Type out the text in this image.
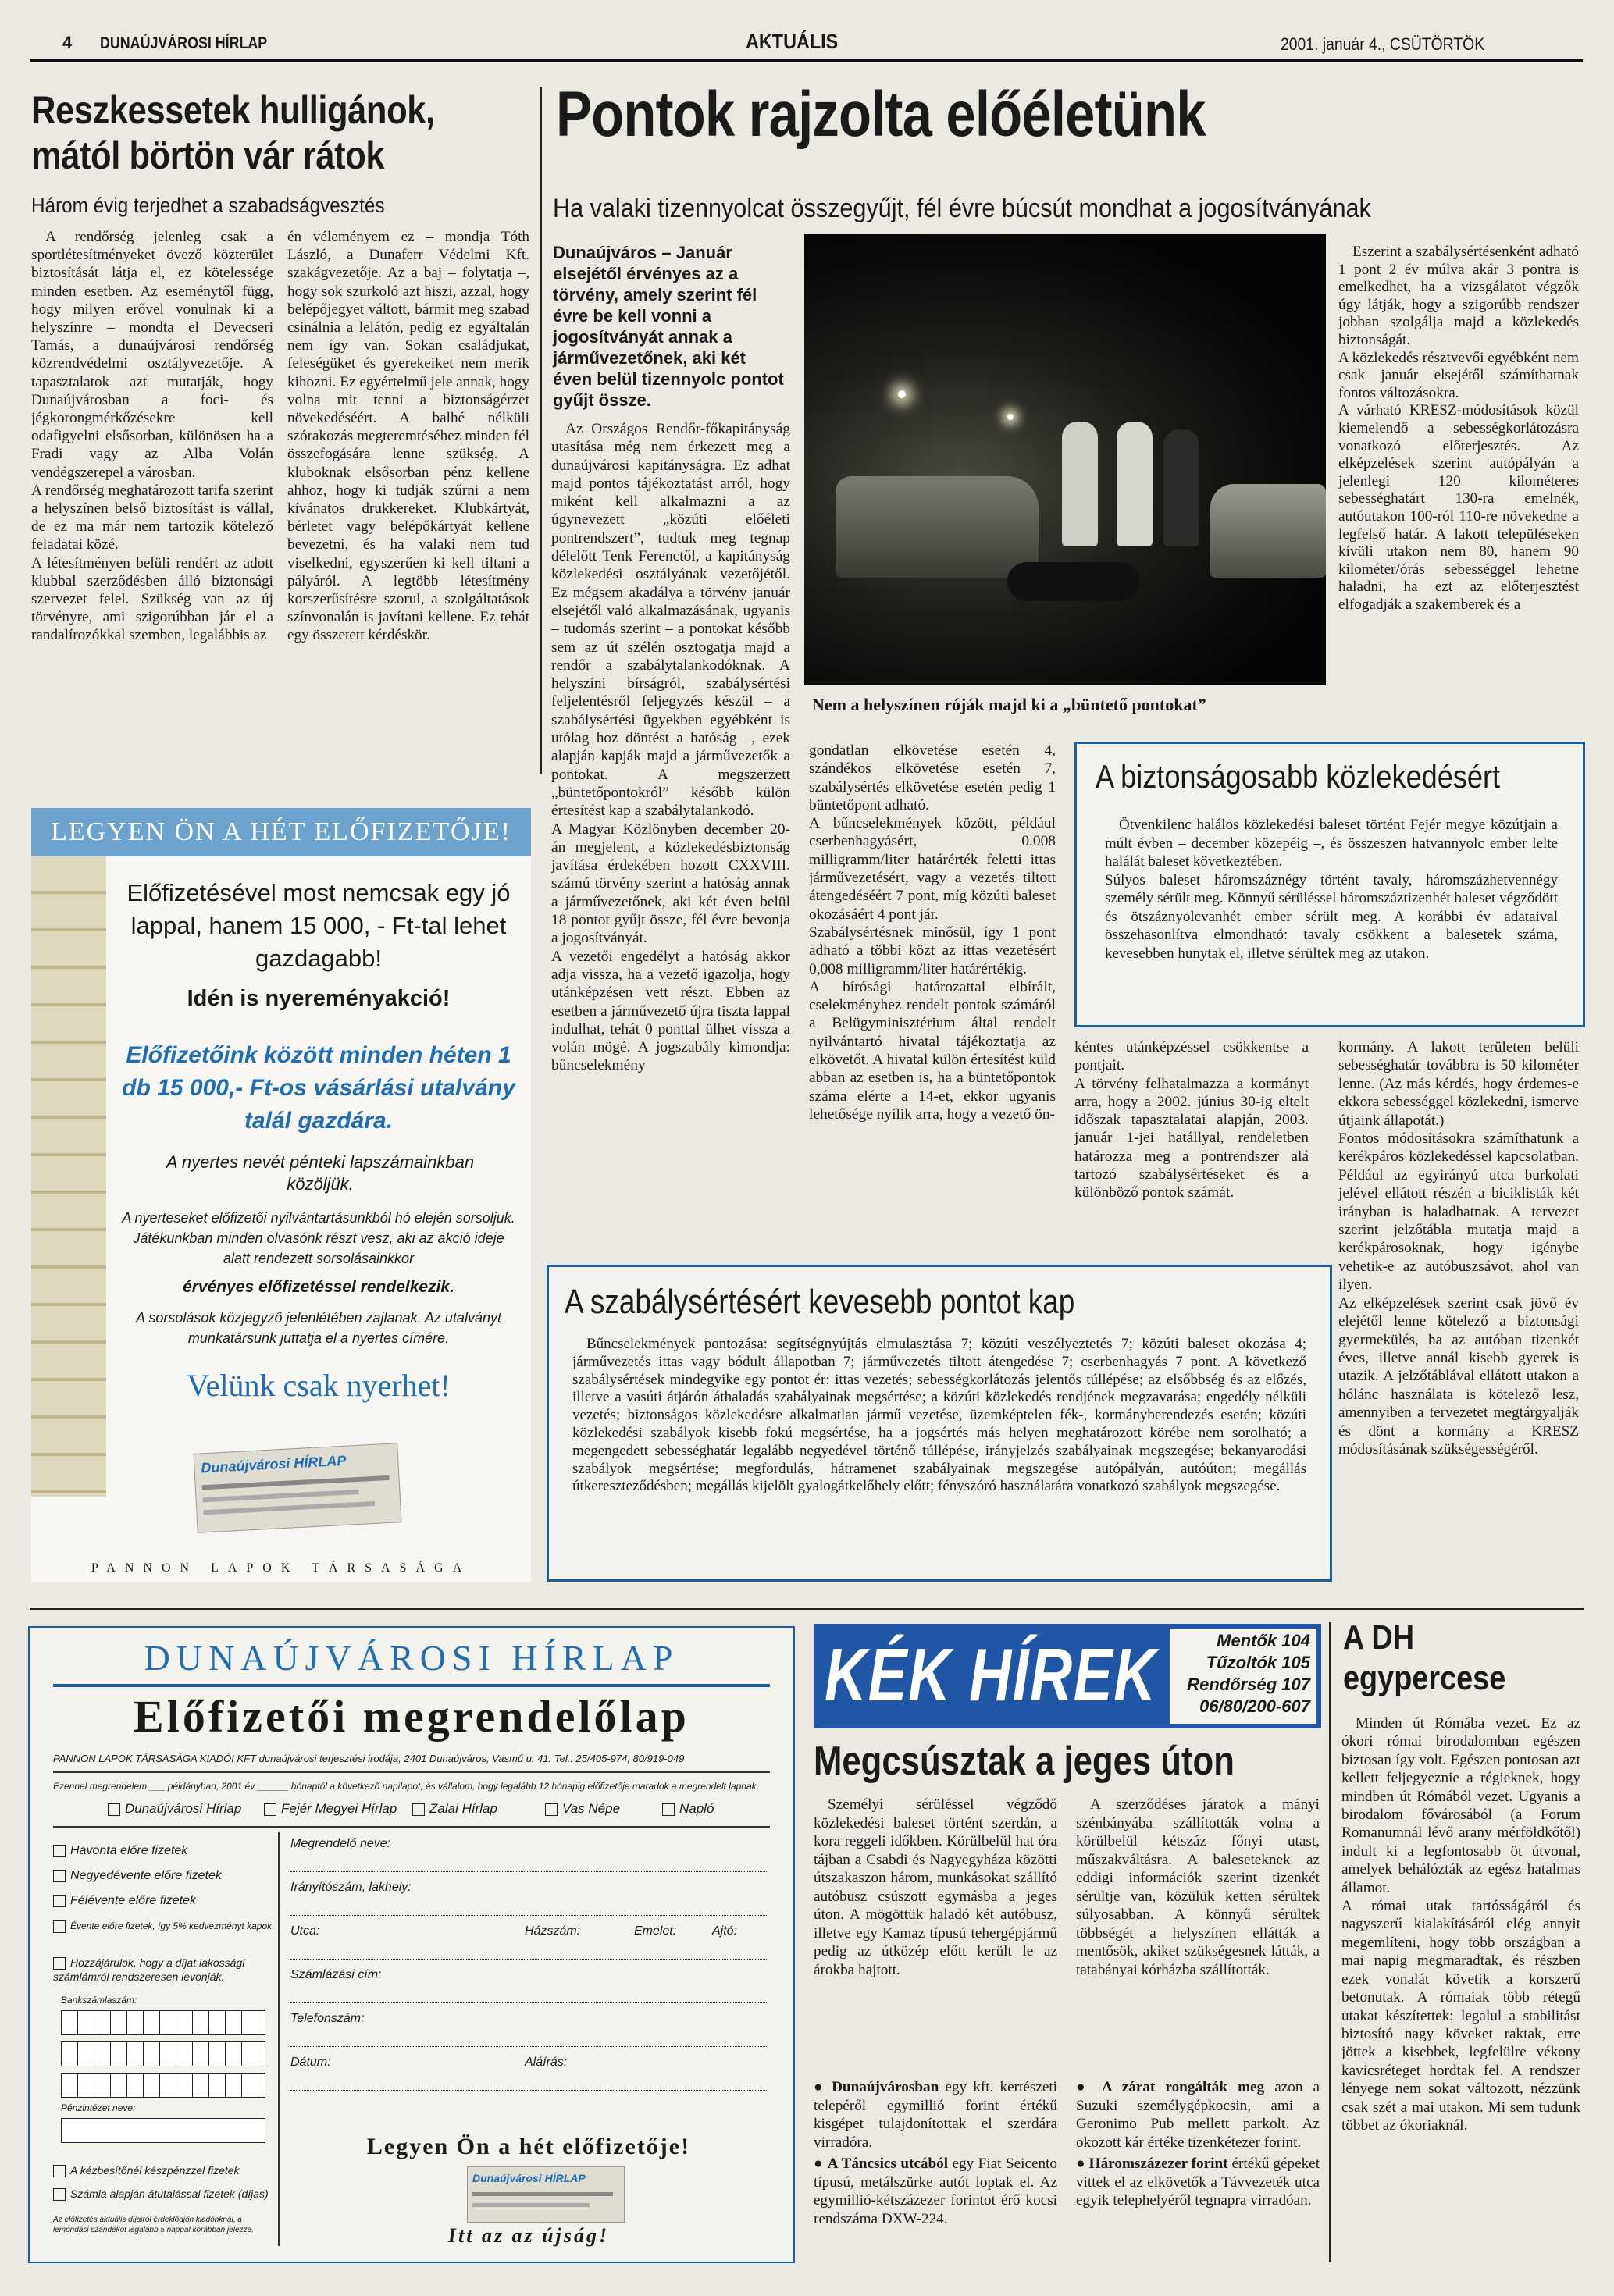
4 DUNAÚJVÁROSI HÍRLAP	AKTUÁLIS	2001. január 4., CSÜTÖRTÖK
Reszkessetek hulligánok,
mától börtön vár rátok
Három évig terjedhet a szabadságvesztés

A rendőrség jelenleg csak a sportlétesítményeket övező közterület biztosítását látja el, ez kötelessége minden esetben. Az eseménytől függ, hogy milyen erővel vonulnak ki a helyszínre – mondta el Devecseri Tamás, a dunaújvárosi rendőrség közrendvédelmi osztályvezetője. A tapasztalatok azt mutatják, hogy Dunaújvárosban a foci- és jégkorongmérkőzésekre kell odafigyelni elsősorban, különösen ha a Fradi vagy az Alba Volán vendégszerepel a városban.
A rendőrség meghatározott tarifa szerint a helyszínen belső biztosítást is vállal, de ez ma már nem tartozik kötelező feladatai közé.
A létesítményen belüli rendért az adott klubbal szerződésben álló biztonsági szervezet felel. Szükség van az új törvényre, ami szigorúbban jár el a randalírozókkal szemben, legalábbis az

én véleményem ez – mondja Tóth László, a Dunaferr Védelmi Kft. szakágvezetője. Az a baj – folytatja –, hogy sok szurkoló azt hiszi, azzal, hogy belépőjegyet váltott, bármit meg szabad csinálnia a lelátón, pedig ez egyáltalán nem így van. Sokan családjukat, feleségüket és gyerekeiket nem merik kihozni. Ez egyértelmű jele annak, hogy volna mit tenni a biztonságérzet növekedéséért. A balhé nélküli szórakozás megteremtéséhez minden fél összefogására lenne szükség. A kluboknak elsősorban pénz kellene ahhoz, hogy ki tudják szűrni a nem kívánatos drukkereket. Klubkártyát, bérletet vagy belépőkártyát kellene bevezetni, és ha valaki nem tud viselkedni, egyszerűen ki kell tiltani a pályáról. A legtöbb létesítmény korszerűsítésre szorul, a szolgáltatások színvonalán is javítani kellene. Ez tehát egy összetett kérdéskör.

LEGYEN ÖN A HÉT ELŐFIZETŐJE!
Előfizetésével most nemcsak egy jó lappal, hanem 15 000, - Ft-tal lehet gazdagabb!
Idén is nyereményakció!
Előfizetőink között minden héten 1 db 15 000,- Ft-os vásárlási utalvány talál gazdára.
A nyertes nevét pénteki lapszámainkban közöljük.
A nyerteseket előfizetői nyilvántartásunkból hó elején sorsoljuk. Játékunkban minden olvasónk részt vesz, aki az akció ideje alatt rendezett sorsolásainkkor
érvényes előfizetéssel rendelkezik.
A sorsolások közjegyző jelenlétében zajlanak. Az utalványt munkatársunk juttatja el a nyertes címére.
Velünk csak nyerhet!
Dunaújvárosi HÍRLAP
PANNON LAPOK TÁRSASÁGA
Pontok rajzolta előéletünk
Ha valaki tizennyolcat összegyűjt, fél évre búcsút mondhat a jogosítványának
Dunaújváros – Január elsejétől érvényes az a törvény, amely szerint fél évre be kell vonni a jogosítványát annak a járművezetőnek, aki két éven belül tizennyolc pontot gyűjt össze.
Nem a helyszínen róják majd ki a „büntető pontokat”

Az Országos Rendőr-főkapitányság utasítása még nem érkezett meg a dunaújvárosi kapitányságra. Ez adhat majd pontos tájékoztatást arról, hogy miként kell alkalmazni a az úgynevezett „közúti előéleti pontrendszert”, tudtuk meg tegnap délelőtt Tenk Ferenctől, a kapitányság közlekedési osztályának vezetőjétől. Ez mégsem akadálya a törvény január elsejétől való alkalmazásának, ugyanis – tudomás szerint – a pontokat később sem az út szélén osztogatja majd a rendőr a szabálytalankodóknak. A helyszíni bírságról, szabálysértési feljelentésről feljegyzés készül – a szabálysértési ügyekben egyébként is utólag hoz döntést a hatóság –, ezek alapján kapják majd a járművezetők a pontokat. A megszerzett „büntetőpontokról” később külön értesítést kap a szabálytalankodó.
A Magyar Közlönyben december 20-án megjelent, a közlekedésbiztonság javítása érdekében hozott CXXVIII. számú törvény szerint a hatóság annak a járművezetőnek, aki két éven belül 18 pontot gyűjt össze, fél évre bevonja a jogosítványát.
A vezetői engedélyt a hatóság akkor adja vissza, ha a vezető igazolja, hogy utánképzésen vett részt. Ebben az esetben a járművezető újra tiszta lappal indulhat, tehát 0 ponttal ülhet vissza a volán mögé. A jogszabály kimondja: bűncselekmény

gondatlan elkövetése esetén 4, szándékos elkövetése esetén 7, szabálysértés elkövetése esetén pedig 1 büntetőpont adható.
A bűncselekmények között, például cserbenhagyásért, 0.008 milligramm/liter határérték feletti ittas járművezetésért, vagy a vezetés tiltott átengedéséért 7 pont, míg közúti baleset okozásáért 4 pont jár.
Szabálysértésnek minősül, így 1 pont adható a többi közt az ittas vezetésért 0,008 milligramm/liter határértékig.
A bírósági határozattal elbírált, cselekményhez rendelt pontok számáról a Belügyminisztérium által rendelt nyilvántartó hivatal tájékoztatja az elkövetőt. A hivatal külön értesítést küld abban az esetben is, ha a büntetőpontok száma elérte a 14-et, ekkor ugyanis lehetősége nyílik arra, hogy a vezető ön-

kéntes utánképzéssel csökkentse a pontjait.
A törvény felhatalmazza a kormányt arra, hogy a 2002. június 30-ig eltelt időszak tapasztalatai alapján, 2003. január 1-jei hatállyal, rendeletben határozza meg a pontrendszer alá tartozó szabálysértéseket és a különböző pontok számát.

Eszerint a szabálysértésenként adható 1 pont 2 év múlva akár 3 pontra is emelkedhet, ha a vizsgálatot végzők úgy látják, hogy a szigorúbb rendszer jobban szolgálja majd a közlekedés biztonságát.
A közlekedés résztvevői egyébként nem csak január elsejétől számíthatnak fontos változásokra.
A várható KRESZ-módosítások közül kiemelendő a sebességkorlátozásra vonatkozó előterjesztés. Az elképzelések szerint autópályán a jelenlegi 120 kilométeres sebességhatárt 130-ra emelnék, autóutakon 100-ról 110-re növekedne a legfelső határ. A lakott településeken kívüli utakon nem 80, hanem 90 kilométer/órás sebességgel lehetne haladni, ha ezt az előterjesztést elfogadják a szakemberek és a

kormány. A lakott területen belüli sebességhatár továbbra is 50 kilométer lenne. (Az más kérdés, hogy érdemes-e ekkora sebességgel közlekedni, ismerve útjaink állapotát.)
Fontos módosításokra számíthatunk a kerékpáros közlekedéssel kapcsolatban. Például az egyirányú utca burkolati jelével ellátott részén a biciklisták két irányban is haladhatnak. A tervezet szerint jelzőtábla mutatja majd a kerékpárosoknak, hogy igénybe vehetik-e az autóbuszsávot, ahol van ilyen.
Az elképzelések szerint csak jövő év elejétől lenne kötelező a biztonsági gyermekülés, ha az autóban tizenkét éves, illetve annál kisebb gyerek is utazik. A jelzőtáblával ellátott utakon a hólánc használata is kötelező lesz, amennyiben a tervezetet megtárgyalják és dönt a kormány a KRESZ módosításának szükségességéről.

A biztonságosabb közlekedésért

Ötvenkilenc halálos közlekedési baleset történt Fejér megye közútjain a múlt évben – december közepéig –, és összeszen hatvannyolc ember lelte halálát baleset következtében.
Súlyos baleset háromszáznégy történt tavaly, háromszázhetvennégy személy sérült meg. Könnyű sérüléssel háromszáztizenhét baleset végződött és ötszáznyolcvanhét ember sérült meg. A korábbi év adataival összehasonlítva elmondható: tavaly csökkent a balesetek száma, kevesebben hunytak el, illetve sérültek meg az utakon.

A szabálysértésért kevesebb pontot kap

Bűncselekmények pontozása: segítségnyújtás elmulasztása 7; közúti veszélyeztetés 7; közúti baleset okozása 4; járművezetés ittas vagy bódult állapotban 7; járművezetés tiltott átengedése 7; cserbenhagyás 7 pont. A következő szabálysértések mindegyike egy pontot ér: ittas vezetés; sebességkorlátozás jelentős túllépése; az elsőbbség és az előzés, illetve a vasúti átjárón áthaladás szabályainak megsértése; a közúti közlekedés rendjének megzavarása; engedély nélküli vezetés; biztonságos közlekedésre alkalmatlan jármű vezetése, üzemképtelen fék-, kormányberendezés esetén; közúti közlekedési szabályok kisebb fokú megsértése, ha a jogsértés más helyen meghatározott körébe nem sorolható; a megengedett sebességhatár legalább negyedével történő túllépése, irányjelzés szabályainak megszegése; bekanyarodási szabályok megsértése; megfordulás, hátramenet szabályainak megszegése autópályán, autóúton; megállás útkereszteződésben; megállás kijelölt gyalogátkelőhely előtt; fényszóró használatára vonatkozó szabályok megszegése.

DUNAÚJVÁROSI HÍRLAP
Előfizetői megrendelőlap
PANNON LAPOK TÁRSASÁGA KIADÓI KFT dunaújvárosi terjesztési irodája, 2401 Dunaújváros, Vasmű u. 41. Tel.: 25/405-974, 80/919-049
Ezennel megrendelem ___ példányban, 2001 év ______ hónaptól a következő napilapot, és vállalom, hogy legalább 12 hónapig előfizetője maradok a megrendelt lapnak.
Dunaújvárosi Hírlap	Fejér Megyei Hírlap	Zalai Hírlap	Vas Népe	Napló
Havonta előre fizetek
Negyedévente előre fizetek
Félévente előre fizetek
Évente előre fizetek, így 5% kedvezményt kapok
Hozzájárulok, hogy a díjat lakossági számlámról rendszeresen levonják.
Bankszámlaszám:
Pénzintézet neve:
A kézbesítőnél készpénzzel fizetek
Számla alapján átutalással fizetek (díjas)
Az előfizetés aktuális díjairól érdeklődjön kiadónknál, a lemondási szándékot legalább 5 nappal korábban jelezze.
Megrendelő neve:
Irányítószám, lakhely:
Utca:	Házszám:	Emelet:	Ajtó:
Számlázási cím:
Telefonszám:
Dátum:	Aláírás:
Legyen Ön a hét előfizetője!
Dunaújvárosi HÍRLAP
Itt az az újság!
KÉK HÍREK	Mentők 104
Tűzoltók 105
Rendőrség 107
06/80/200-607
Megcsúsztak a jeges úton

Személyi sérüléssel végződő közlekedési baleset történt szerdán, a kora reggeli időkben. Körülbelül hat óra tájban a Csabdi és Nagyegyháza közötti útszakaszon három, munkásokat szállító autóbusz csúszott egymásba a jeges úton. A mögöttük haladó két autóbusz, illetve egy Kamaz típusú tehergépjármű pedig az útközép előtt került le az árokba hajtott.

A szerződéses járatok a mányi szénbányába szállították volna a körülbelül kétszáz főnyi utast, műszakváltásra. A baleseteknek az eddigi információk szerint tizenkét sérültje van, közülük ketten sérültek súlyosabban. A könnyű sérültek többségét a helyszínen ellátták a mentősök, akiket szükségesnek látták, a tatabányai kórházba szállították.

● Dunaújvárosban egy kft. kertészeti telepéről egymillió forint értékű kisgépet tulajdonítottak el szerdára virradóra.

● A Táncsics utcából egy Fiat Seicento típusú, metálszürke autót loptak el. Az egymillió-kétszázezer forintot érő kocsi rendszáma DXW-224.

● A zárat rongálták meg azon a Suzuki személygépkocsin, ami a Geronimo Pub mellett parkolt. Az okozott kár értéke tizenkétezer forint.

● Háromszázezer forint értékű gépeket vittek el az elkövetők a Távvezeték utca egyik telephelyéről tegnapra virradóan.

A DH
egypercese

Minden út Rómába vezet. Ez az ókori római birodalomban egészen biztosan így volt. Egészen pontosan azt kellett feljegyeznie a régieknek, hogy mindben út Rómából vezet. Ugyanis a birodalom fővárosából (a Forum Romanumnál lévő arany mérföldkőtől) indult ki a legfontosabb öt útvonal, amelyek behálózták az egész hatalmas államot.
A római utak tartósságáról és nagyszerű kialakításáról elég annyit megemlíteni, hogy több országban a mai napig megmaradtak, és részben ezek vonalát követik a korszerű betonutak. A rómaiak több rétegű utakat készítettek: legalul a stabilitást biztosító nagy köveket raktak, erre jöttek a kisebbek, legfelülre vékony kavicsréteget hordtak fel. A rendszer lényege nem sokat változott, nézzünk csak szét a mai utakon. Mi sem tudunk többet az ókoriaknál.
